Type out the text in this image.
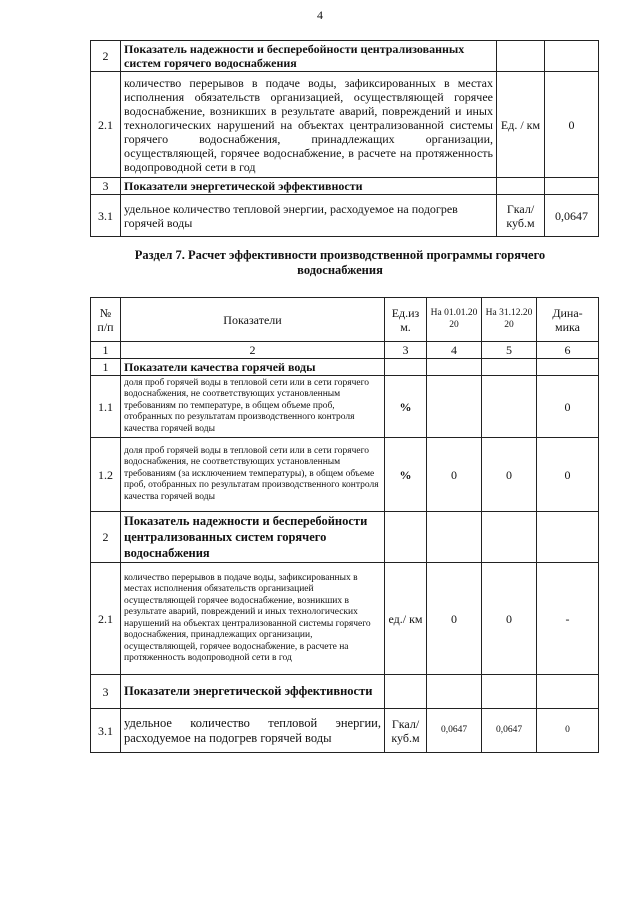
4
2	Показатель надежности и бесперебойности централизованных систем горячего водоснабжения		
2.1	количество перерывов в подаче воды, зафиксированных в местах исполнения обязательств организацией, осуществляющей горячее водоснабжение, возникших в результате аварий, повреждений и иных технологических нарушений на объектах централизованной системы горячего водоснабжения, принадлежащих организации, осуществляющей, горячее водоснабжение, в расчете на протяженность водопроводной сети в год	Ед. / км	0
3	Показатели энергетической эффективности		
3.1	удельное количество тепловой энергии, расходуемое на подогрев горячей воды	Гкал/ куб.м	0,0647
Раздел 7. Расчет эффективности производственной программы горячего водоснабжения
№ п/п	Показатели	Ед.из м.	На 01.01.20 20	На 31.12.20 20	Дина-мика
1	2	3	4	5	6
1	Показатели качества горячей воды				
1.1	доля проб горячей воды в тепловой сети или в сети горячего водоснабжения, не соответствующих установленным требованиям по температуре, в общем объеме проб, отобранных по результатам производственного контроля качества горячей воды	%			0
1.2	доля проб горячей воды в тепловой сети или в сети горячего водоснабжения, не соответствующих установленным требованиям (за исключением температуры), в общем объеме проб, отобранных по результатам производственного контроля качества горячей воды	%	0	0	0
2	Показатель надежности и бесперебойности централизованных систем горячего водоснабжения				
2.1	количество перерывов в подаче воды, зафиксированных в местах исполнения обязательств организацией осуществляющей горячее водоснабжение, возникших в результате аварий, повреждений и иных технологических нарушений на объектах централизованной системы горячего водоснабжения, принадлежащих организации, осуществляющей, горячее водоснабжение, в расчете на протяженность водопроводной сети в год	ед./ км	0	0	-
3	Показатели энергетической эффективности				
3.1	удельное количество тепловой энергии, расходуемое на подогрев горячей воды	Гкал/ куб.м	0,0647	0,0647	0
